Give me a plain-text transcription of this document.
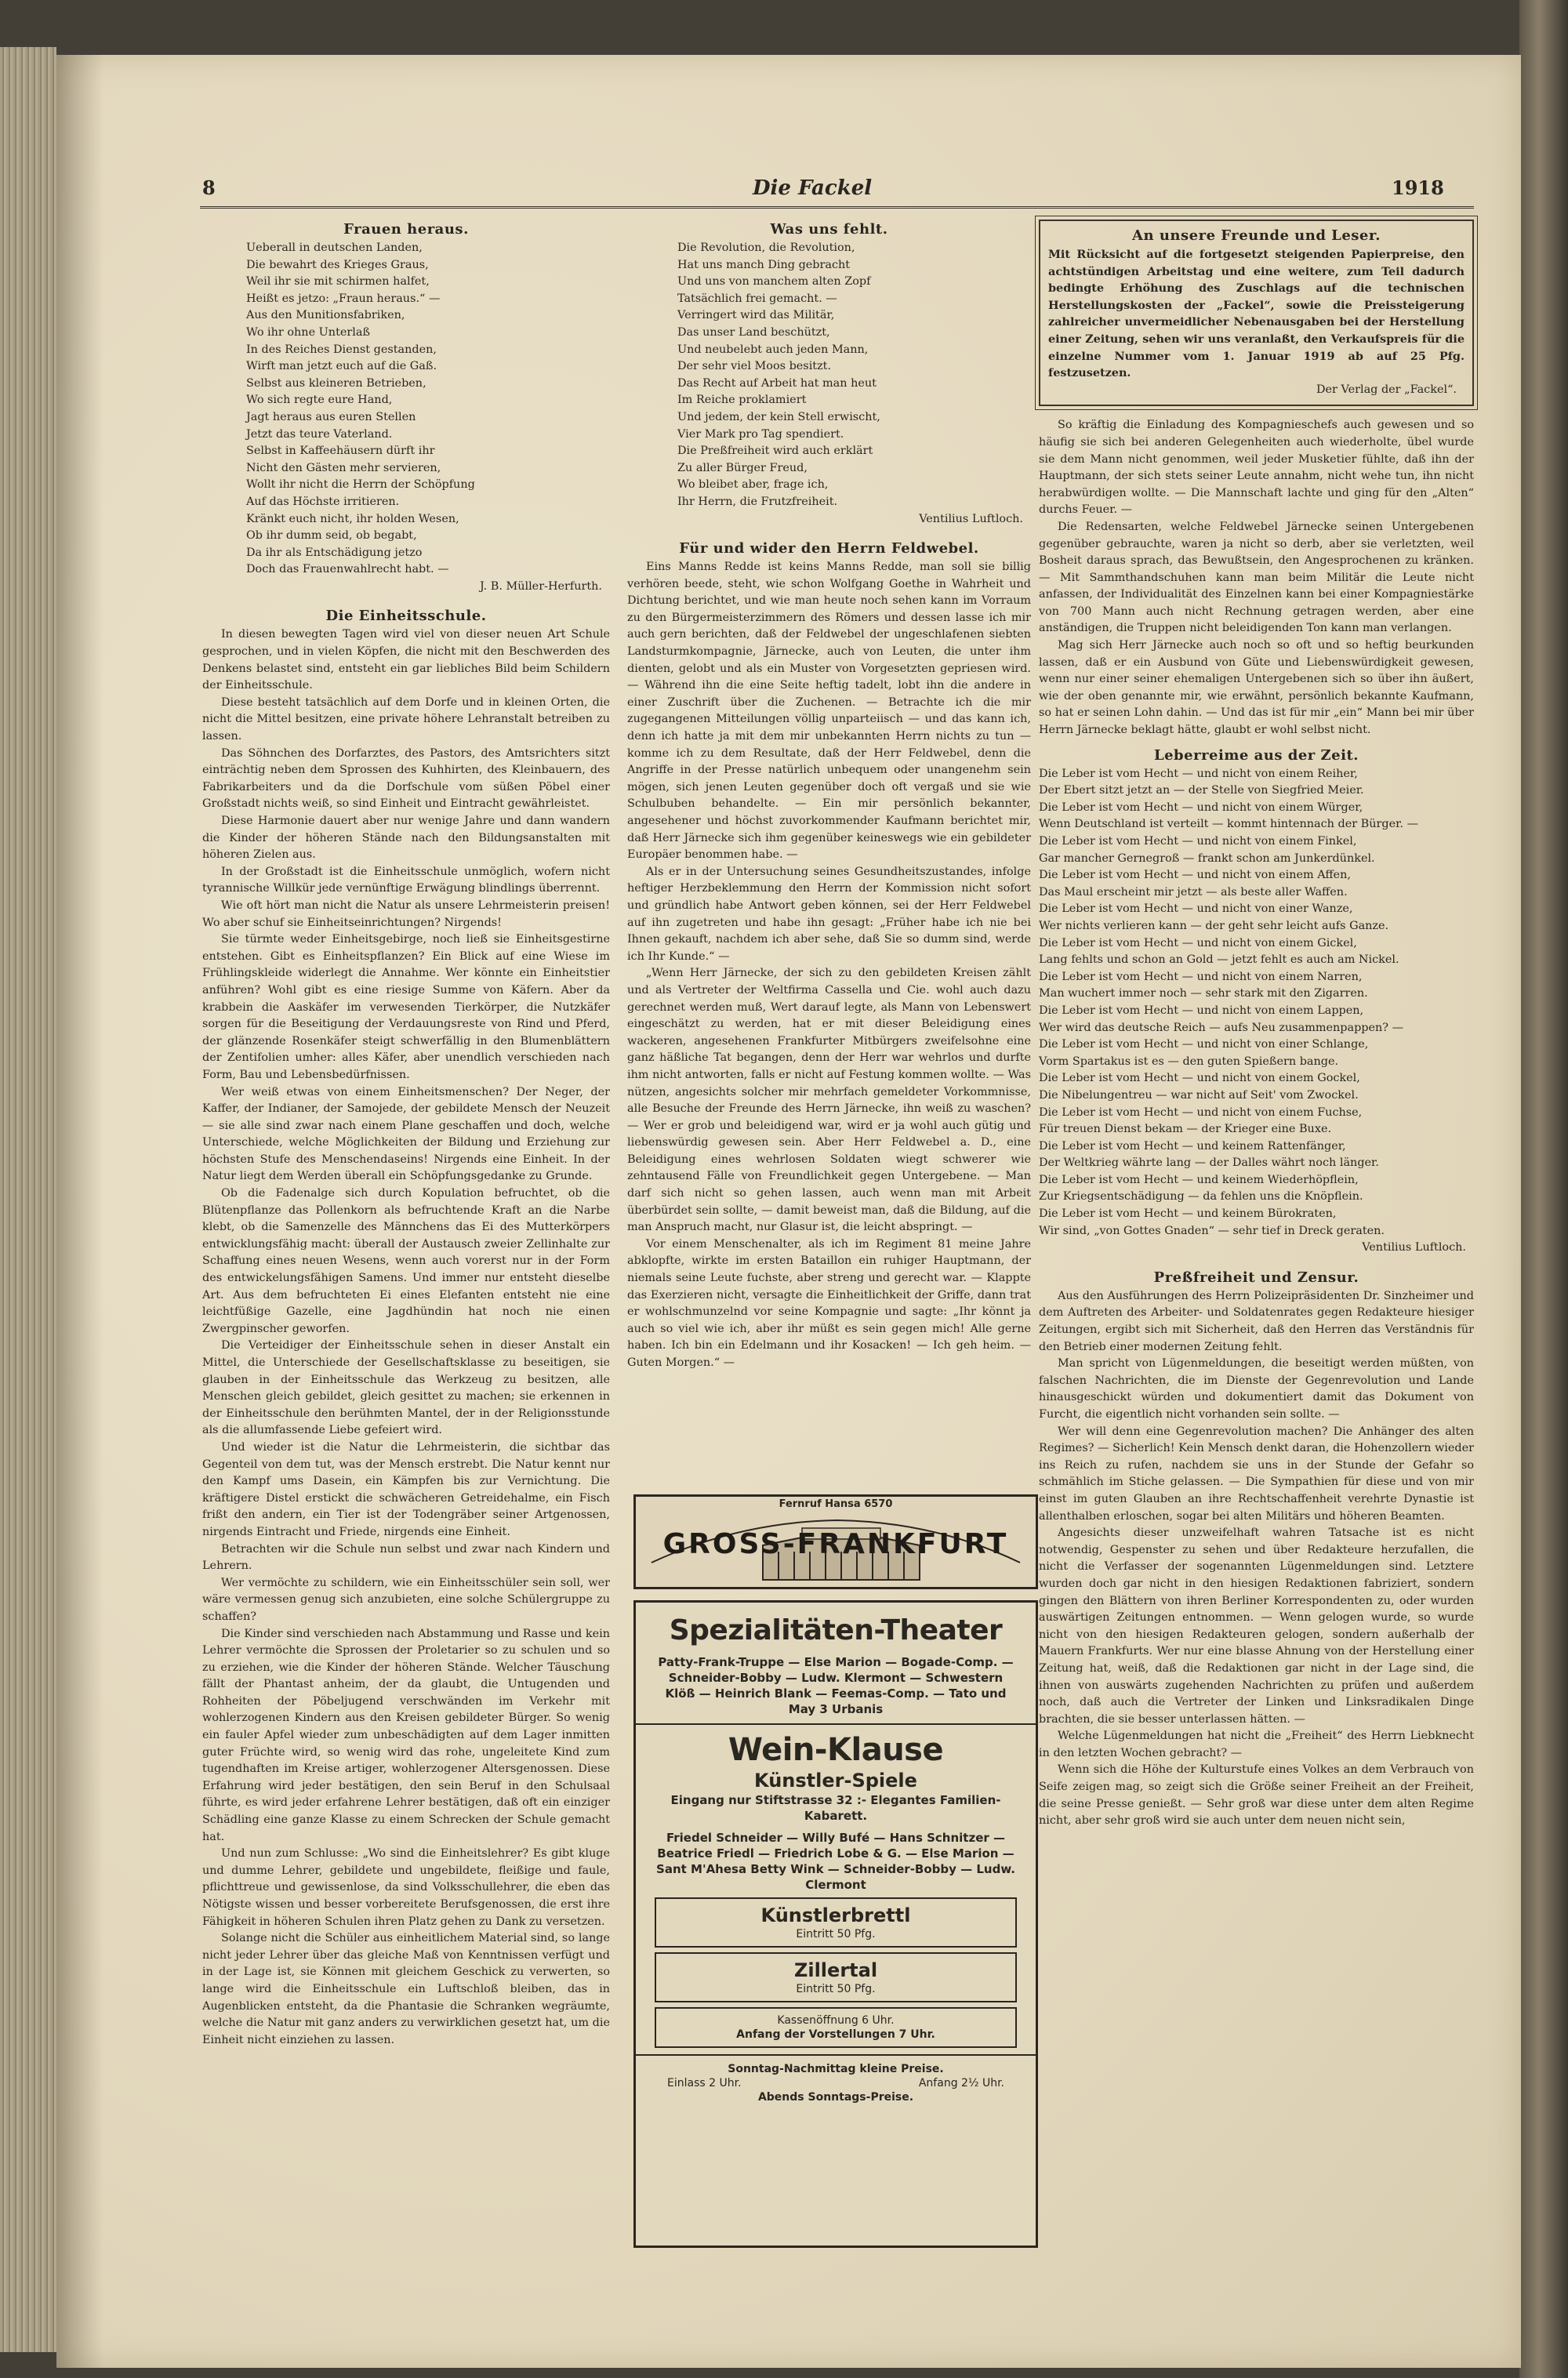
8	Die Fackel	1918
Frauen heraus.
Ueberall in deutschen Landen,
Die bewahrt des Krieges Graus,
Weil ihr sie mit schirmen halfet,
Heißt es jetzo: „Fraun heraus.“ —
Aus den Munitionsfabriken,
Wo ihr ohne Unterlaß
In des Reiches Dienst gestanden,
Wirft man jetzt euch auf die Gaß.
Selbst aus kleineren Betrieben,
Wo sich regte eure Hand,
Jagt heraus aus euren Stellen
Jetzt das teure Vaterland.
Selbst in Kaffeehäusern dürft ihr
Nicht den Gästen mehr servieren,
Wollt ihr nicht die Herrn der Schöpfung
Auf das Höchste irritieren.
Kränkt euch nicht, ihr holden Wesen,
Ob ihr dumm seid, ob begabt,
Da ihr als Entschädigung jetzo
Doch das Frauenwahlrecht habt. —
J. B. Müller-Herfurth.
Die Einheitsschule.

In diesen bewegten Tagen wird viel von dieser neuen Art Schule gesprochen, und in vielen Köpfen, die nicht mit den Beschwerden des Denkens belastet sind, entsteht ein gar liebliches Bild beim Schildern der Einheitsschule.

Diese besteht tatsächlich auf dem Dorfe und in kleinen Orten, die nicht die Mittel besitzen, eine private höhere Lehranstalt betreiben zu lassen.

Das Söhnchen des Dorfarztes, des Pastors, des Amtsrichters sitzt einträchtig neben dem Sprossen des Kuhhirten, des Kleinbauern, des Fabrikarbeiters und da die Dorfschule vom süßen Pöbel einer Großstadt nichts weiß, so sind Einheit und Eintracht gewährleistet.

Diese Harmonie dauert aber nur wenige Jahre und dann wandern die Kinder der höheren Stände nach den Bildungsanstalten mit höheren Zielen aus.

In der Großstadt ist die Einheitsschule unmöglich, wofern nicht tyrannische Willkür jede vernünftige Erwägung blindlings überrennt.

Wie oft hört man nicht die Natur als unsere Lehrmeisterin preisen! Wo aber schuf sie Einheitseinrichtungen? Nirgends!

Sie türmte weder Einheitsgebirge, noch ließ sie Einheitsgestirne entstehen. Gibt es Einheitspflanzen? Ein Blick auf eine Wiese im Frühlingskleide widerlegt die Annahme. Wer könnte ein Einheitstier anführen? Wohl gibt es eine riesige Summe von Käfern. Aber da krabbein die Aaskäfer im verwesenden Tierkörper, die Nutzkäfer sorgen für die Beseitigung der Verdauungsreste von Rind und Pferd, der glänzende Rosenkäfer steigt schwerfällig in den Blumenblättern der Zentifolien umher: alles Käfer, aber unendlich verschieden nach Form, Bau und Lebensbedürfnissen.

Wer weiß etwas von einem Einheitsmenschen? Der Neger, der Kaffer, der Indianer, der Samojede, der gebildete Mensch der Neuzeit — sie alle sind zwar nach einem Plane geschaffen und doch, welche Unterschiede, welche Möglichkeiten der Bildung und Erziehung zur höchsten Stufe des Menschendaseins! Nirgends eine Einheit. In der Natur liegt dem Werden überall ein Schöpfungsgedanke zu Grunde.

Ob die Fadenalge sich durch Kopulation befruchtet, ob die Blütenpflanze das Pollenkorn als befruchtende Kraft an die Narbe klebt, ob die Samenzelle des Männchens das Ei des Mutterkörpers entwicklungsfähig macht: überall der Austausch zweier Zellinhalte zur Schaffung eines neuen Wesens, wenn auch vorerst nur in der Form des entwickelungsfähigen Samens. Und immer nur entsteht dieselbe Art. Aus dem befruchteten Ei eines Elefanten entsteht nie eine leichtfüßige Gazelle, eine Jagdhündin hat noch nie einen Zwergpinscher geworfen.

Die Verteidiger der Einheitsschule sehen in dieser Anstalt ein Mittel, die Unterschiede der Gesellschaftsklasse zu beseitigen, sie glauben in der Einheitsschule das Werkzeug zu besitzen, alle Menschen gleich gebildet, gleich gesittet zu machen; sie erkennen in der Einheitsschule den berühmten Mantel, der in der Religionsstunde als die allumfassende Liebe gefeiert wird.

Und wieder ist die Natur die Lehrmeisterin, die sichtbar das Gegenteil von dem tut, was der Mensch erstrebt. Die Natur kennt nur den Kampf ums Dasein, ein Kämpfen bis zur Vernichtung. Die kräftigere Distel erstickt die schwächeren Getreidehalme, ein Fisch frißt den andern, ein Tier ist der Todengräber seiner Artgenossen, nirgends Eintracht und Friede, nirgends eine Einheit.

Betrachten wir die Schule nun selbst und zwar nach Kindern und Lehrern.

Wer vermöchte zu schildern, wie ein Einheitsschüler sein soll, wer wäre vermessen genug sich anzubieten, eine solche Schülergruppe zu schaffen?

Die Kinder sind verschieden nach Abstammung und Rasse und kein Lehrer vermöchte die Sprossen der Proletarier so zu schulen und so zu erziehen, wie die Kinder der höheren Stände. Welcher Täuschung fällt der Phantast anheim, der da glaubt, die Untugenden und Rohheiten der Pöbeljugend verschwänden im Verkehr mit wohlerzogenen Kindern aus den Kreisen gebildeter Bürger. So wenig ein fauler Apfel wieder zum unbeschädigten auf dem Lager inmitten guter Früchte wird, so wenig wird das rohe, ungeleitete Kind zum tugendhaften im Kreise artiger, wohlerzogener Altersgenossen. Diese Erfahrung wird jeder bestätigen, den sein Beruf in den Schulsaal führte, es wird jeder erfahrene Lehrer bestätigen, daß oft ein einziger Schädling eine ganze Klasse zu einem Schrecken der Schule gemacht hat.

Und nun zum Schlusse: „Wo sind die Einheitslehrer? Es gibt kluge und dumme Lehrer, gebildete und ungebildete, fleißige und faule, pflichttreue und gewissenlose, da sind Volksschullehrer, die eben das Nötigste wissen und besser vorbereitete Berufsgenossen, die erst ihre Fähigkeit in höheren Schulen ihren Platz gehen zu Dank zu versetzen.

Solange nicht die Schüler aus einheitlichem Material sind, so lange nicht jeder Lehrer über das gleiche Maß von Kenntnissen verfügt und in der Lage ist, sie Können mit gleichem Geschick zu verwerten, so lange wird die Einheitsschule ein Luftschloß bleiben, das in Augenblicken entsteht, da die Phantasie die Schranken wegräumte, welche die Natur mit ganz anders zu verwirklichen gesetzt hat, um die Einheit nicht einziehen zu lassen.

Was uns fehlt.
Die Revolution, die Revolution,
Hat uns manch Ding gebracht
Und uns von manchem alten Zopf
Tatsächlich frei gemacht. —
Verringert wird das Militär,
Das unser Land beschützt,
Und neubelebt auch jeden Mann,
Der sehr viel Moos besitzt.
Das Recht auf Arbeit hat man heut
Im Reiche proklamiert
Und jedem, der kein Stell erwischt,
Vier Mark pro Tag spendiert.
Die Preßfreiheit wird auch erklärt
Zu aller Bürger Freud,
Wo bleibet aber, frage ich,
Ihr Herrn, die Frutzfreiheit.
Ventilius Luftloch.
Für und wider den Herrn Feldwebel.

Eins Manns Redde ist keins Manns Redde, man soll sie billig verhören beede, steht, wie schon Wolfgang Goethe in Wahrheit und Dichtung berichtet, und wie man heute noch sehen kann im Vorraum zu den Bürgermeisterzimmern des Römers und dessen lasse ich mir auch gern berichten, daß der Feldwebel der ungeschlafenen siebten Landsturmkompagnie, Järnecke, auch von Leuten, die unter ihm dienten, gelobt und als ein Muster von Vorgesetzten gepriesen wird. — Während ihn die eine Seite heftig tadelt, lobt ihn die andere in einer Zuschrift über die Zuchenen. — Betrachte ich die mir zugegangenen Mitteilungen völlig unparteiisch — und das kann ich, denn ich hatte ja mit dem mir unbekannten Herrn nichts zu tun — komme ich zu dem Resultate, daß der Herr Feldwebel, denn die Angriffe in der Presse natürlich unbequem oder unangenehm sein mögen, sich jenen Leuten gegenüber doch oft vergaß und sie wie Schulbuben behandelte. — Ein mir persönlich bekannter, angesehener und höchst zuvorkommender Kaufmann berichtet mir, daß Herr Järnecke sich ihm gegenüber keineswegs wie ein gebildeter Europäer benommen habe. —

Als er in der Untersuchung seines Gesundheitszustandes, infolge heftiger Herzbeklemmung den Herrn der Kommission nicht sofort und gründlich habe Antwort geben können, sei der Herr Feldwebel auf ihn zugetreten und habe ihn gesagt: „Früher habe ich nie bei Ihnen gekauft, nachdem ich aber sehe, daß Sie so dumm sind, werde ich Ihr Kunde.“ —

„Wenn Herr Järnecke, der sich zu den gebildeten Kreisen zählt und als Vertreter der Weltfirma Cassella und Cie. wohl auch dazu gerechnet werden muß, Wert darauf legte, als Mann von Lebenswert eingeschätzt zu werden, hat er mit dieser Beleidigung eines wackeren, angesehenen Frankfurter Mitbürgers zweifelsohne eine ganz häßliche Tat begangen, denn der Herr war wehrlos und durfte ihm nicht antworten, falls er nicht auf Festung kommen wollte. — Was nützen, angesichts solcher mir mehrfach gemeldeter Vorkommnisse, alle Besuche der Freunde des Herrn Järnecke, ihn weiß zu waschen? — Wer er grob und beleidigend war, wird er ja wohl auch gütig und liebenswürdig gewesen sein. Aber Herr Feldwebel a. D., eine Beleidigung eines wehrlosen Soldaten wiegt schwerer wie zehntausend Fälle von Freundlichkeit gegen Untergebene. — Man darf sich nicht so gehen lassen, auch wenn man mit Arbeit überbürdet sein sollte, — damit beweist man, daß die Bildung, auf die man Anspruch macht, nur Glasur ist, die leicht abspringt. —

Vor einem Menschenalter, als ich im Regiment 81 meine Jahre abklopfte, wirkte im ersten Bataillon ein ruhiger Hauptmann, der niemals seine Leute fuchste, aber streng und gerecht war. — Klappte das Exerzieren nicht, versagte die Einheitlichkeit der Griffe, dann trat er wohlschmunzelnd vor seine Kompagnie und sagte: „Ihr könnt ja auch so viel wie ich, aber ihr müßt es sein gegen mich! Alle gerne haben. Ich bin ein Edelmann und ihr Kosacken! — Ich geh heim. — Guten Morgen.“ —

Fernruf Hansa 6570
GROSS-FRANKFURT
Spezialitäten-Theater
Patty-Frank-Truppe — Else Marion — Bogade-Comp. — Schneider-Bobby — Ludw. Klermont — Schwestern Klöß — Heinrich Blank — Feemas-Comp. — Tato und May 3 Urbanis
Wein-Klause
Künstler-Spiele
Eingang nur Stiftstrasse 32 :- Elegantes Familien-Kabarett.
Friedel Schneider — Willy Bufé — Hans Schnitzer — Beatrice Friedl — Friedrich Lobe & G. — Else Marion — Sant M'Ahesa Betty Wink — Schneider-Bobby — Ludw. Clermont
Künstlerbrettl
Eintritt 50 Pfg.
Zillertal
Eintritt 50 Pfg.
Kassenöffnung 6 Uhr.
Anfang der Vorstellungen 7 Uhr.
Sonntag-Nachmittag kleine Preise.
Einlass 2 Uhr.	Anfang 2½ Uhr.
Abends Sonntags-Preise.
An unsere Freunde und Leser.
Mit Rücksicht auf die fortgesetzt steigenden Papierpreise, den achtstündigen Arbeitstag und eine weitere, zum Teil dadurch bedingte Erhöhung des Zuschlags auf die technischen Herstellungskosten der „Fackel“, sowie die Preissteigerung zahlreicher unvermeidlicher Nebenausgaben bei der Herstellung einer Zeitung, sehen wir uns veranlaßt, den Verkaufspreis für die einzelne Nummer vom 1. Januar 1919 ab auf 25 Pfg. festzusetzen.
Der Verlag der „Fackel“.

So kräftig die Einladung des Kompagnieschefs auch gewesen und so häufig sie sich bei anderen Gelegenheiten auch wiederholte, übel wurde sie dem Mann nicht genommen, weil jeder Musketier fühlte, daß ihn der Hauptmann, der sich stets seiner Leute annahm, nicht wehe tun, ihn nicht herabwürdigen wollte. — Die Mannschaft lachte und ging für den „Alten“ durchs Feuer. —

Die Redensarten, welche Feldwebel Järnecke seinen Untergebenen gegenüber gebrauchte, waren ja nicht so derb, aber sie verletzten, weil Bosheit daraus sprach, das Bewußtsein, den Angesprochenen zu kränken. — Mit Sammthandschuhen kann man beim Militär die Leute nicht anfassen, der Individualität des Einzelnen kann bei einer Kompagniestärke von 700 Mann auch nicht Rechnung getragen werden, aber eine anständigen, die Truppen nicht beleidigenden Ton kann man verlangen.

Mag sich Herr Järnecke auch noch so oft und so heftig beurkunden lassen, daß er ein Ausbund von Güte und Liebenswürdigkeit gewesen, wenn nur einer seiner ehemaligen Untergebenen sich so über ihn äußert, wie der oben genannte mir, wie erwähnt, persönlich bekannte Kaufmann, so hat er seinen Lohn dahin. — Und das ist für mir „ein“ Mann bei mir über Herrn Järnecke beklagt hätte, glaubt er wohl selbst nicht.

Leberreime aus der Zeit.
Die Leber ist vom Hecht — und nicht von einem Reiher,
Der Ebert sitzt jetzt an — der Stelle von Siegfried Meier.
Die Leber ist vom Hecht — und nicht von einem Würger,
Wenn Deutschland ist verteilt — kommt hintennach der Bürger. —
Die Leber ist vom Hecht — und nicht von einem Finkel,
Gar mancher Gernegroß — frankt schon am Junkerdünkel.
Die Leber ist vom Hecht — und nicht von einem Affen,
Das Maul erscheint mir jetzt — als beste aller Waffen.
Die Leber ist vom Hecht — und nicht von einer Wanze,
Wer nichts verlieren kann — der geht sehr leicht aufs Ganze.
Die Leber ist vom Hecht — und nicht von einem Gickel,
Lang fehlts und schon an Gold — jetzt fehlt es auch am Nickel.
Die Leber ist vom Hecht — und nicht von einem Narren,
Man wuchert immer noch — sehr stark mit den Zigarren.
Die Leber ist vom Hecht — und nicht von einem Lappen,
Wer wird das deutsche Reich — aufs Neu zusammenpappen? —
Die Leber ist vom Hecht — und nicht von einer Schlange,
Vorm Spartakus ist es — den guten Spießern bange.
Die Leber ist vom Hecht — und nicht von einem Gockel,
Die Nibelungentreu — war nicht auf Seit' vom Zwockel.
Die Leber ist vom Hecht — und nicht von einem Fuchse,
Für treuen Dienst bekam — der Krieger eine Buxe.
Die Leber ist vom Hecht — und keinem Rattenfänger,
Der Weltkrieg währte lang — der Dalles währt noch länger.
Die Leber ist vom Hecht — und keinem Wiederhöpflein,
Zur Kriegsentschädigung — da fehlen uns die Knöpflein.
Die Leber ist vom Hecht — und keinem Bürokraten,
Wir sind, „von Gottes Gnaden“ — sehr tief in Dreck geraten.
Ventilius Luftloch.
Preßfreiheit und Zensur.

Aus den Ausführungen des Herrn Polizeipräsidenten Dr. Sinzheimer und dem Auftreten des Arbeiter- und Soldatenrates gegen Redakteure hiesiger Zeitungen, ergibt sich mit Sicherheit, daß den Herren das Verständnis für den Betrieb einer modernen Zeitung fehlt.

Man spricht von Lügenmeldungen, die beseitigt werden müßten, von falschen Nachrichten, die im Dienste der Gegenrevolution und Lande hinausgeschickt würden und dokumentiert damit das Dokument von Furcht, die eigentlich nicht vorhanden sein sollte. —

Wer will denn eine Gegenrevolution machen? Die Anhänger des alten Regimes? — Sicherlich! Kein Mensch denkt daran, die Hohenzollern wieder ins Reich zu rufen, nachdem sie uns in der Stunde der Gefahr so schmählich im Stiche gelassen. — Die Sympathien für diese und von mir einst im guten Glauben an ihre Rechtschaffenheit verehrte Dynastie ist allenthalben erloschen, sogar bei alten Militärs und höheren Beamten.

Angesichts dieser unzweifelhaft wahren Tatsache ist es nicht notwendig, Gespenster zu sehen und über Redakteure herzufallen, die nicht die Verfasser der sogenannten Lügenmeldungen sind. Letztere wurden doch gar nicht in den hiesigen Redaktionen fabriziert, sondern gingen den Blättern von ihren Berliner Korrespondenten zu, oder wurden auswärtigen Zeitungen entnommen. — Wenn gelogen wurde, so wurde nicht von den hiesigen Redakteuren gelogen, sondern außerhalb der Mauern Frankfurts. Wer nur eine blasse Ahnung von der Herstellung einer Zeitung hat, weiß, daß die Redaktionen gar nicht in der Lage sind, die ihnen von auswärts zugehenden Nachrichten zu prüfen und außerdem noch, daß auch die Vertreter der Linken und Linksradikalen Dinge brachten, die sie besser unterlassen hätten. —

Welche Lügenmeldungen hat nicht die „Freiheit“ des Herrn Liebknecht in den letzten Wochen gebracht? —

Wenn sich die Höhe der Kulturstufe eines Volkes an dem Verbrauch von Seife zeigen mag, so zeigt sich die Größe seiner Freiheit an der Freiheit, die seine Presse genießt. — Sehr groß war diese unter dem alten Regime nicht, aber sehr groß wird sie auch unter dem neuen nicht sein,
